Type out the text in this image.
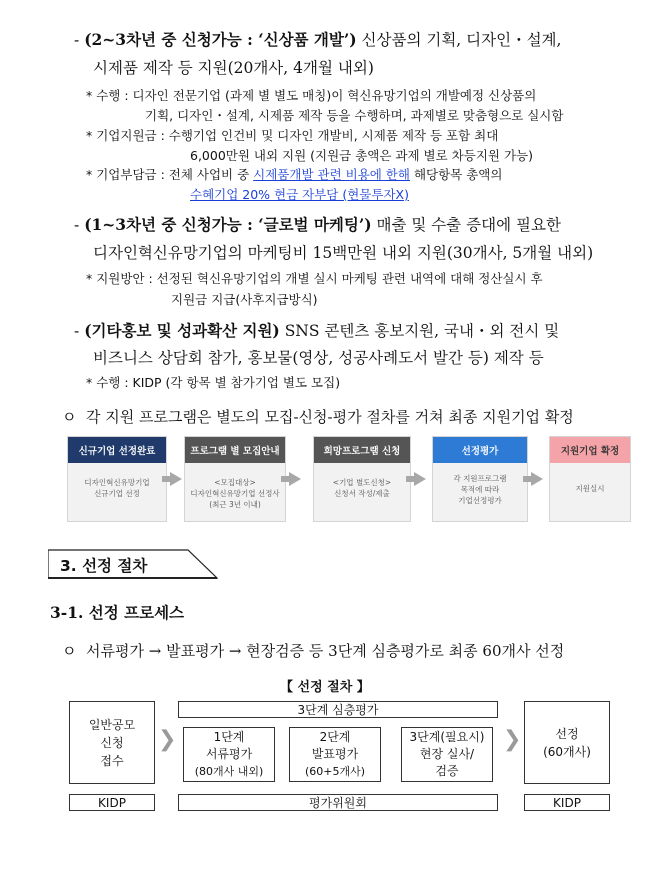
- (2~3차년 중 신청가능 : ‘신상품 개발’) 신상품의 기획, 디자인・설계,
시제품 제작 등 지원(20개사, 4개월 내외)
* 수행 : 디자인 전문기업 (과제 별 별도 매칭)이 혁신유망기업의 개발예정 신상품의
기획, 디자인・설계, 시제품 제작 등을 수행하며, 과제별로 맞춤형으로 실시함
* 기업지원금 : 수행기업 인건비 및 디자인 개발비, 시제품 제작 등 포함 최대
6,000만원 내외 지원 (지원금 총액은 과제 별로 차등지원 가능)
* 기업부담금 : 전체 사업비 중 시제품개발 관련 비용에 한해 해당항목 총액의
수혜기업 20% 현금 자부담 (현물투자X)
- (1~3차년 중 신청가능 : ‘글로벌 마케팅’) 매출 및 수출 증대에 필요한
디자인혁신유망기업의 마케팅비 15백만원 내외 지원(30개사, 5개월 내외)
* 지원방안 : 선정된 혁신유망기업의 개별 실시 마케팅 관련 내역에 대해 정산실시 후
지원금 지급(사후지급방식)
- (기타홍보 및 성과확산 지원) SNS 콘텐츠 홍보지원, 국내・외 전시 및
비즈니스 상담회 참가, 홍보물(영상, 성공사례도서 발간 등) 제작 등
* 수행 : KIDP (각 항목 별 참가기업 별도 모집)
ㅇ 각 지원 프로그램은 별도의 모집-신청-평가 절차를 거쳐 최종 지원기업 확정
신규기업 선정완료
디자인혁신유망기업
신규기업 선정
프로그램 별 모집안내
<모집대상>
디자인혁신유망기업 선정사
(최근 3년 이내)
희망프로그램 신청
<기업 별도신청>
신청서 작성/제출
선정평가
각 지원프로그램
목적에 따라
기업선정평가
지원기업 확정
지원실시
3. 선정 절차
3-1. 선정 프로세스
ㅇ 서류평가 → 발표평가 → 현장검증 등 3단계 심층평가로 최종 60개사 선정
【 선정 절차 】
일반공모
신청
접수
❯
3단계 심층평가
1단계
서류평가
(80개사 내외)
2단계
발표평가
(60+5개사)
3단계(필요시)
현장 실사/
검증
❯	선정
(60개사)
KIDP	평가위원회	KIDP
